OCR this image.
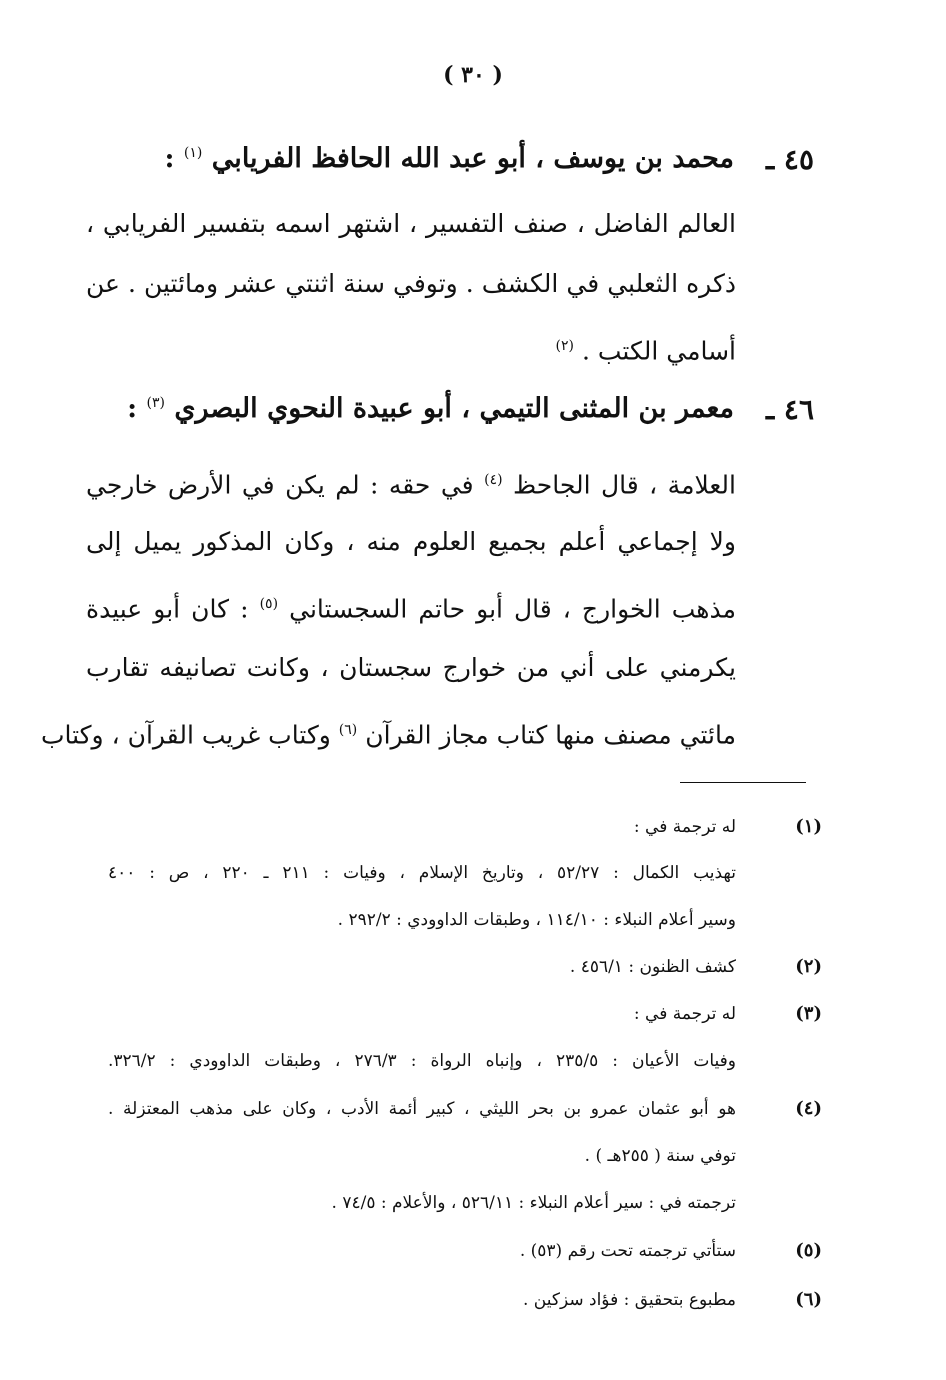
( ٣٠ )
٤٥ ـ
محمد بن يوسف ، أبو عبد الله الحافظ الفريابي $^{(١)}$ :
العالم الفاضل ، صنف التفسير ، اشتهر اسمه بتفسير الفريابي ،
ذكره الثعلبي في الكشف . وتوفي سنة اثنتي عشر ومائتين . عن
أسامي الكتب . $^{(٢)}$
٤٦ ـ
معمر بن المثنى التيمي ، أبو عبيدة النحوي البصري $^{(٣)}$ :
العلامة ، قال الجاحظ $^{(٤)}$ في حقه : لم يكن في الأرض خارجي
ولا إجماعي أعلم بجميع العلوم منه ، وكان المذكور يميل إلى
مذهب الخوارج ، قال أبو حاتم السجستاني $^{(٥)}$ : كان أبو عبيدة
يكرمني على أني من خوارج سجستان ، وكانت تصانيفه تقارب
مائتي مصنف منها كتاب مجاز القرآن $^{(٦)}$ وكتاب غريب القرآن ، وكتاب
(١)
له ترجمة في :
تهذيب الكمال : ٥٢/٢٧ ، وتاريخ الإسلام ، وفيات : ٢١١ ـ ٢٢٠ ، ص : ٤٠٠
وسير أعلام النبلاء : ١١٤/١٠ ، وطبقات الداوودي : ٢٩٢/٢ .
(٢)
كشف الظنون : ٤٥٦/١ .
(٣)
له ترجمة في :
وفيات الأعيان : ٢٣٥/٥ ، وإنباه الرواة : ٢٧٦/٣ ، وطبقات الداوودي : ٣٢٦/٢.
(٤)
هو أبو عثمان عمرو بن بحر الليثي ، كبير أئمة الأدب ، وكان على مذهب المعتزلة .
توفي سنة ( ٢٥٥هـ ) .
ترجمته في : سير أعلام النبلاء : ٥٢٦/١١ ، والأعلام : ٧٤/٥ .
(٥)
ستأتي ترجمته تحت رقم (٥٣) .
(٦)
مطبوع بتحقيق : فؤاد سزكين .
